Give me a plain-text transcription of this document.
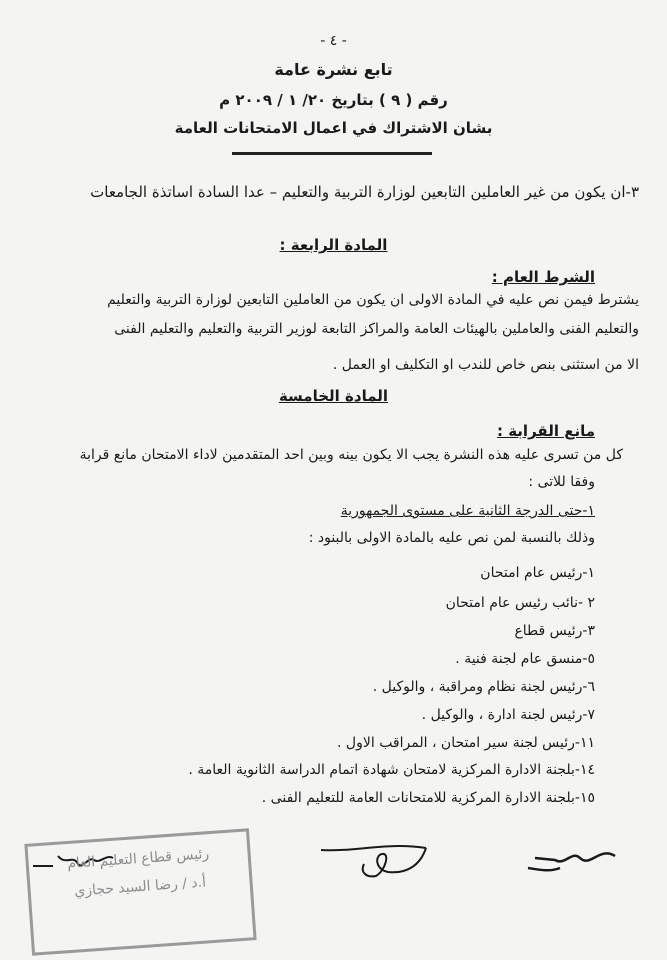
- ٤ -
تابع نشرة عامة
رقم ( ٩ ) بتاريخ ٢٠/ ١ / ٢٠٠٩ م
بشان الاشتراك في اعمال الامتحانات العامة
٣-ان يكون من غير العاملين التابعين لوزارة التربية والتعليم – عدا السادة اساتذة الجامعات
المادة الرابعة :
الشرط العام :
يشترط فيمن نص عليه في المادة الاولى ان يكون من العاملين التابعين لوزارة التربية والتعليم
والتعليم الفنى والعاملين بالهيئات العامة والمراكز التابعة لوزير التربية والتعليم والتعليم الفنى
الا من استثنى بنص خاص للندب او التكليف او العمل .
المادة الخامسة
مانع القرابة :
كل من تسرى عليه هذه النشرة يجب الا يكون بينه وبين احد المتقدمين لاداء الامتحان مانع قرابة
وفقا للاتى :
١-حتى الدرجة الثانية على مستوى الجمهورية
وذلك بالنسبة لمن نص عليه بالمادة الاولى بالبنود :
١-رئيس عام امتحان
٢ -نائب رئيس عام امتحان
٣-رئيس قطاع
٥-منسق عام لجنة فنية .
٦-رئيس لجنة نظام ومراقبة ، والوكيل .
٧-رئيس لجنة ادارة ، والوكيل .
١١-رئيس لجنة سير امتحان ، المراقب الاول .
١٤-بلجنة الادارة المركزية لامتحان شهادة اتمام الدراسة الثانوية العامة .
١٥-بلجنة الادارة المركزية للامتحانات العامة للتعليم الفنى .
رئيس قطاع التعليم العام
أ.د / رضا السيد حجازي
